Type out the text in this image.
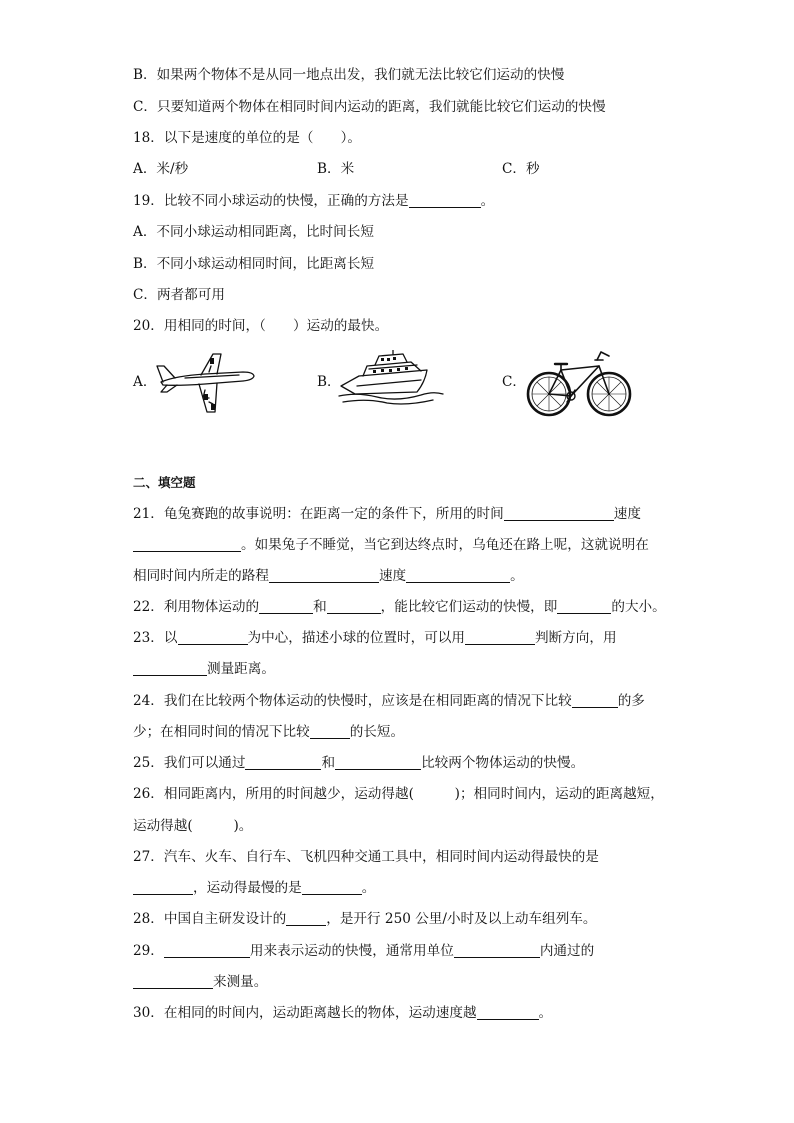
B．如果两个物体不是从同一地点出发，我们就无法比较它们运动的快慢
C．只要知道两个物体在相同时间内运动的距离，我们就能比较它们运动的快慢
18．以下是速度的单位的是（　　）。
A．米/秒	B．米	C．秒
19．比较不同小球运动的快慢，正确的方法是	。
A．不同小球运动相同距离，比时间长短
B．不同小球运动相同时间，比距离长短
C．两者都可用
20．用相同的时间，（　　）运动的最快。
A．	B．	C．
二、填空题
21．龟兔赛跑的故事说明：在距离一定的条件下，所用的时间	速度
。如果兔子不睡觉，当它到达终点时，乌龟还在路上呢，这就说明在
相同时间内所走的路程	速度	。
22．利用物体运动的	和	，能比较它们运动的快慢，即	的大小。
23．以	为中心，描述小球的位置时，可以用	判断方向，用
测量距离。
24．我们在比较两个物体运动的快慢时，应该是在相同距离的情况下比较	的多
少；在相同时间的情况下比较	的长短。
25．我们可以通过	和	比较两个物体运动的快慢。
26．相同距离内，所用的时间越少，运动得越(　　　)；相同时间内，运动的距离越短，
运动得越(　　　)。
27．汽车、火车、自行车、飞机四种交通工具中，相同时间内运动得最快的是
，运动得最慢的是	。
28．中国自主研发设计的	，是开行 250 公里/小时及以上动车组列车。
29．	用来表示运动的快慢，通常用单位	内通过的
来测量。
30．在相同的时间内，运动距离越长的物体，运动速度越	。
